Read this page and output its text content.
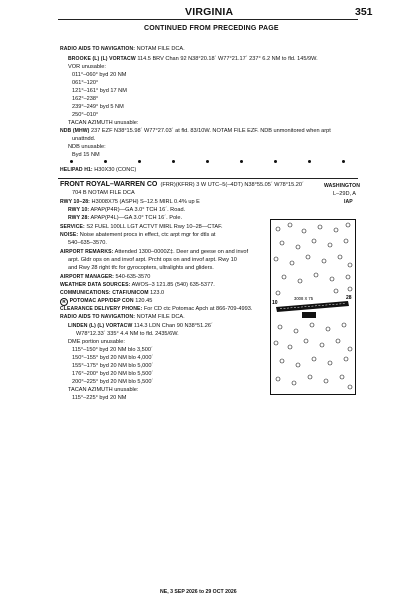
VIRGINIA	351
CONTINUED FROM PRECEDING PAGE
RADIO AIDS TO NAVIGATION: NOTAM FILE DCA.
BROOKE (L) (L) VORTACW 114.5 BRV Chan 92 N38°20.18´ W77°21.17´ 237° 6.2 NM to fld. 145/9W.
VOR unusable:
011°–060° byd 20 NM
061°–120°
121°–161° byd 17 NM
162°–238°
239°–249° byd 5 NM
250°–010°
TACAN AZIMUTH unusable:
NDB (MHW) 237 EZF N38°15.98´ W77°27.03´ at fld. 83/10W. NOTAM FILE EZF. NDB unmonitored when arpt
unattndd.
NDB unusable:
Byd 15 NM
HELIPAD H1: H30X30 (CONC)
FRONT ROYAL–WARREN CO (FRR)(KFRR) 3 W UTC–5(–4DT) N38°55.05´ W78°15.20´	WASHINGTON
704 B NOTAM FILE DCA	L–29D, A
IAP
RWY 10–28: H3008X75 (ASPH) S–12.5 MIRL 0.4% up E
RWY 10: APAP(P4R)—GA 3.0° TCH 16´. Road.
RWY 28: APAP(P4L)—GA 3.0° TCH 16´. Pole.
SERVICE: S2 FUEL 100LL LGT ACTVT MIRL Rwy 10–28—CTAF.
NOISE: Noise abatement procs in effect, ctc arpt mgr for dtls at
540–635–3570.
AIRPORT REMARKS: Attended 1300–0000Z‡. Deer and geese on and invof
arpt. Gldr ops on and invof arpt. Prcht ops on and invof arpt. Rwy 10
and Rwy 28 right tfc for gyrocopters, ultralights and gliders.
AIRPORT MANAGER: 540-635-3570
WEATHER DATA SOURCES: AWOS–3 121.85 (540) 635-5377.
COMMUNICATIONS: CTAF/UNICOM 123.0
R POTOMAC APP/DEP CON 120.45
CLEARANCE DELIVERY PHONE: For CD ctc Potomac Apch at 866-709-4993.
RADIO AIDS TO NAVIGATION: NOTAM FILE DCA.
LINDEN (L) (L) VORTACW 114.3 LDN Chan 90 N38°51.26´
W78°12.33´ 335° 4.4 NM to fld. 2435/6W.
DME portion unusable:
115°–150° byd 20 NM blo 3,500´
150°–155° byd 20 NM blo 4,000´
155°–175° byd 20 NM blo 5,000´
176°–200° byd 20 NM blo 5,500´
200°–225° byd 20 NM blo 5,500´
TACAN AZIMUTH unusable:
115°–225° byd 20 NM
10
28
3008 X 75
NE, 3 SEP 2026 to 29 OCT 2026
